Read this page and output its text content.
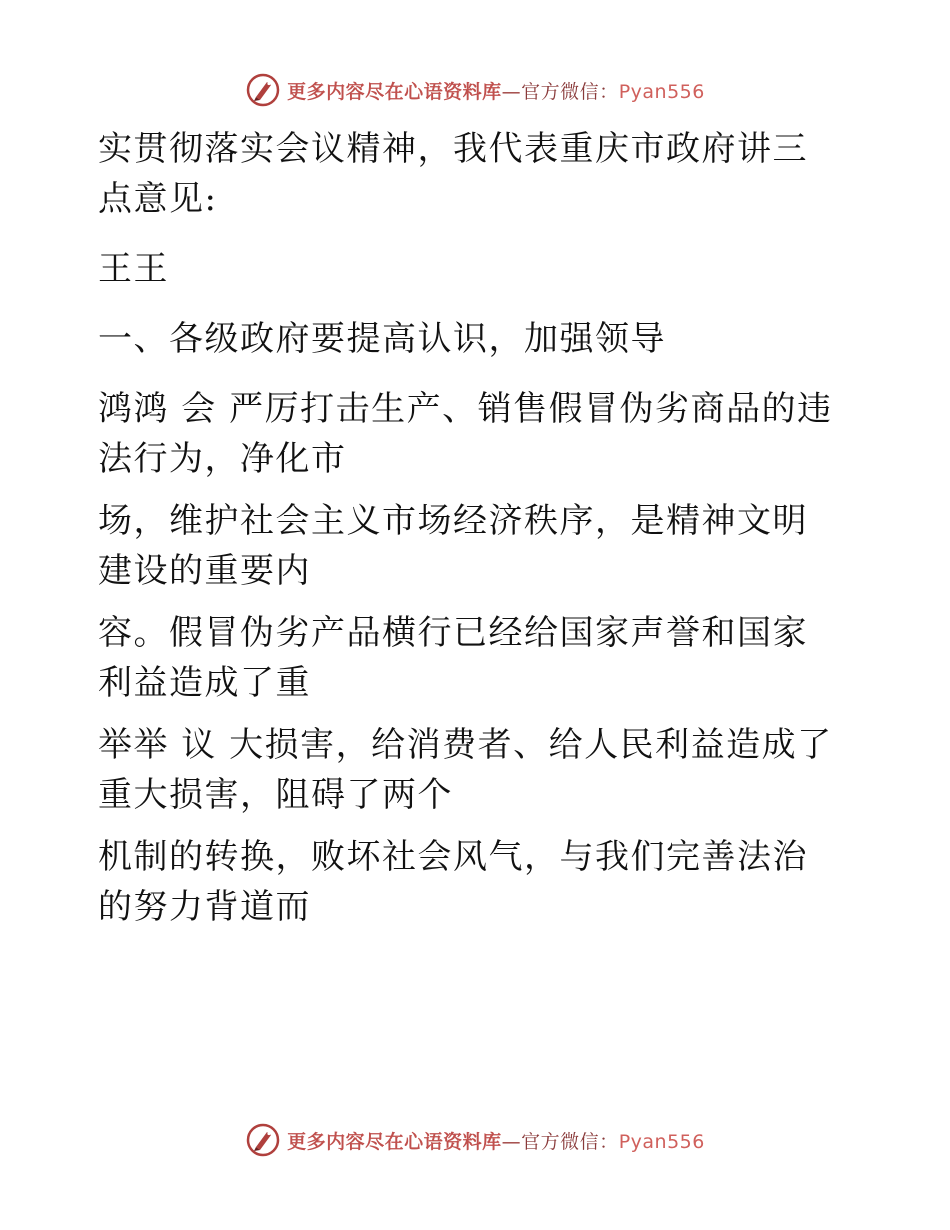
更多内容尽在心语资料库—官方微信：Pyan556

实贯彻落实会议精神，我代表重庆市政府讲三点意见:

王王

一、各级政府要提高认识，加强领导

鸿鸿 会 严厉打击生产、销售假冒伪劣商品的违法行为，净化市

场，维护社会主义市场经济秩序，是精神文明建设的重要内

容。假冒伪劣产品横行已经给国家声誉和国家利益造成了重

举举 议 大损害，给消费者、给人民利益造成了重大损害，阻碍了两个

机制的转换，败坏社会风气，与我们完善法治的努力背道而

更多内容尽在心语资料库—官方微信：Pyan556
